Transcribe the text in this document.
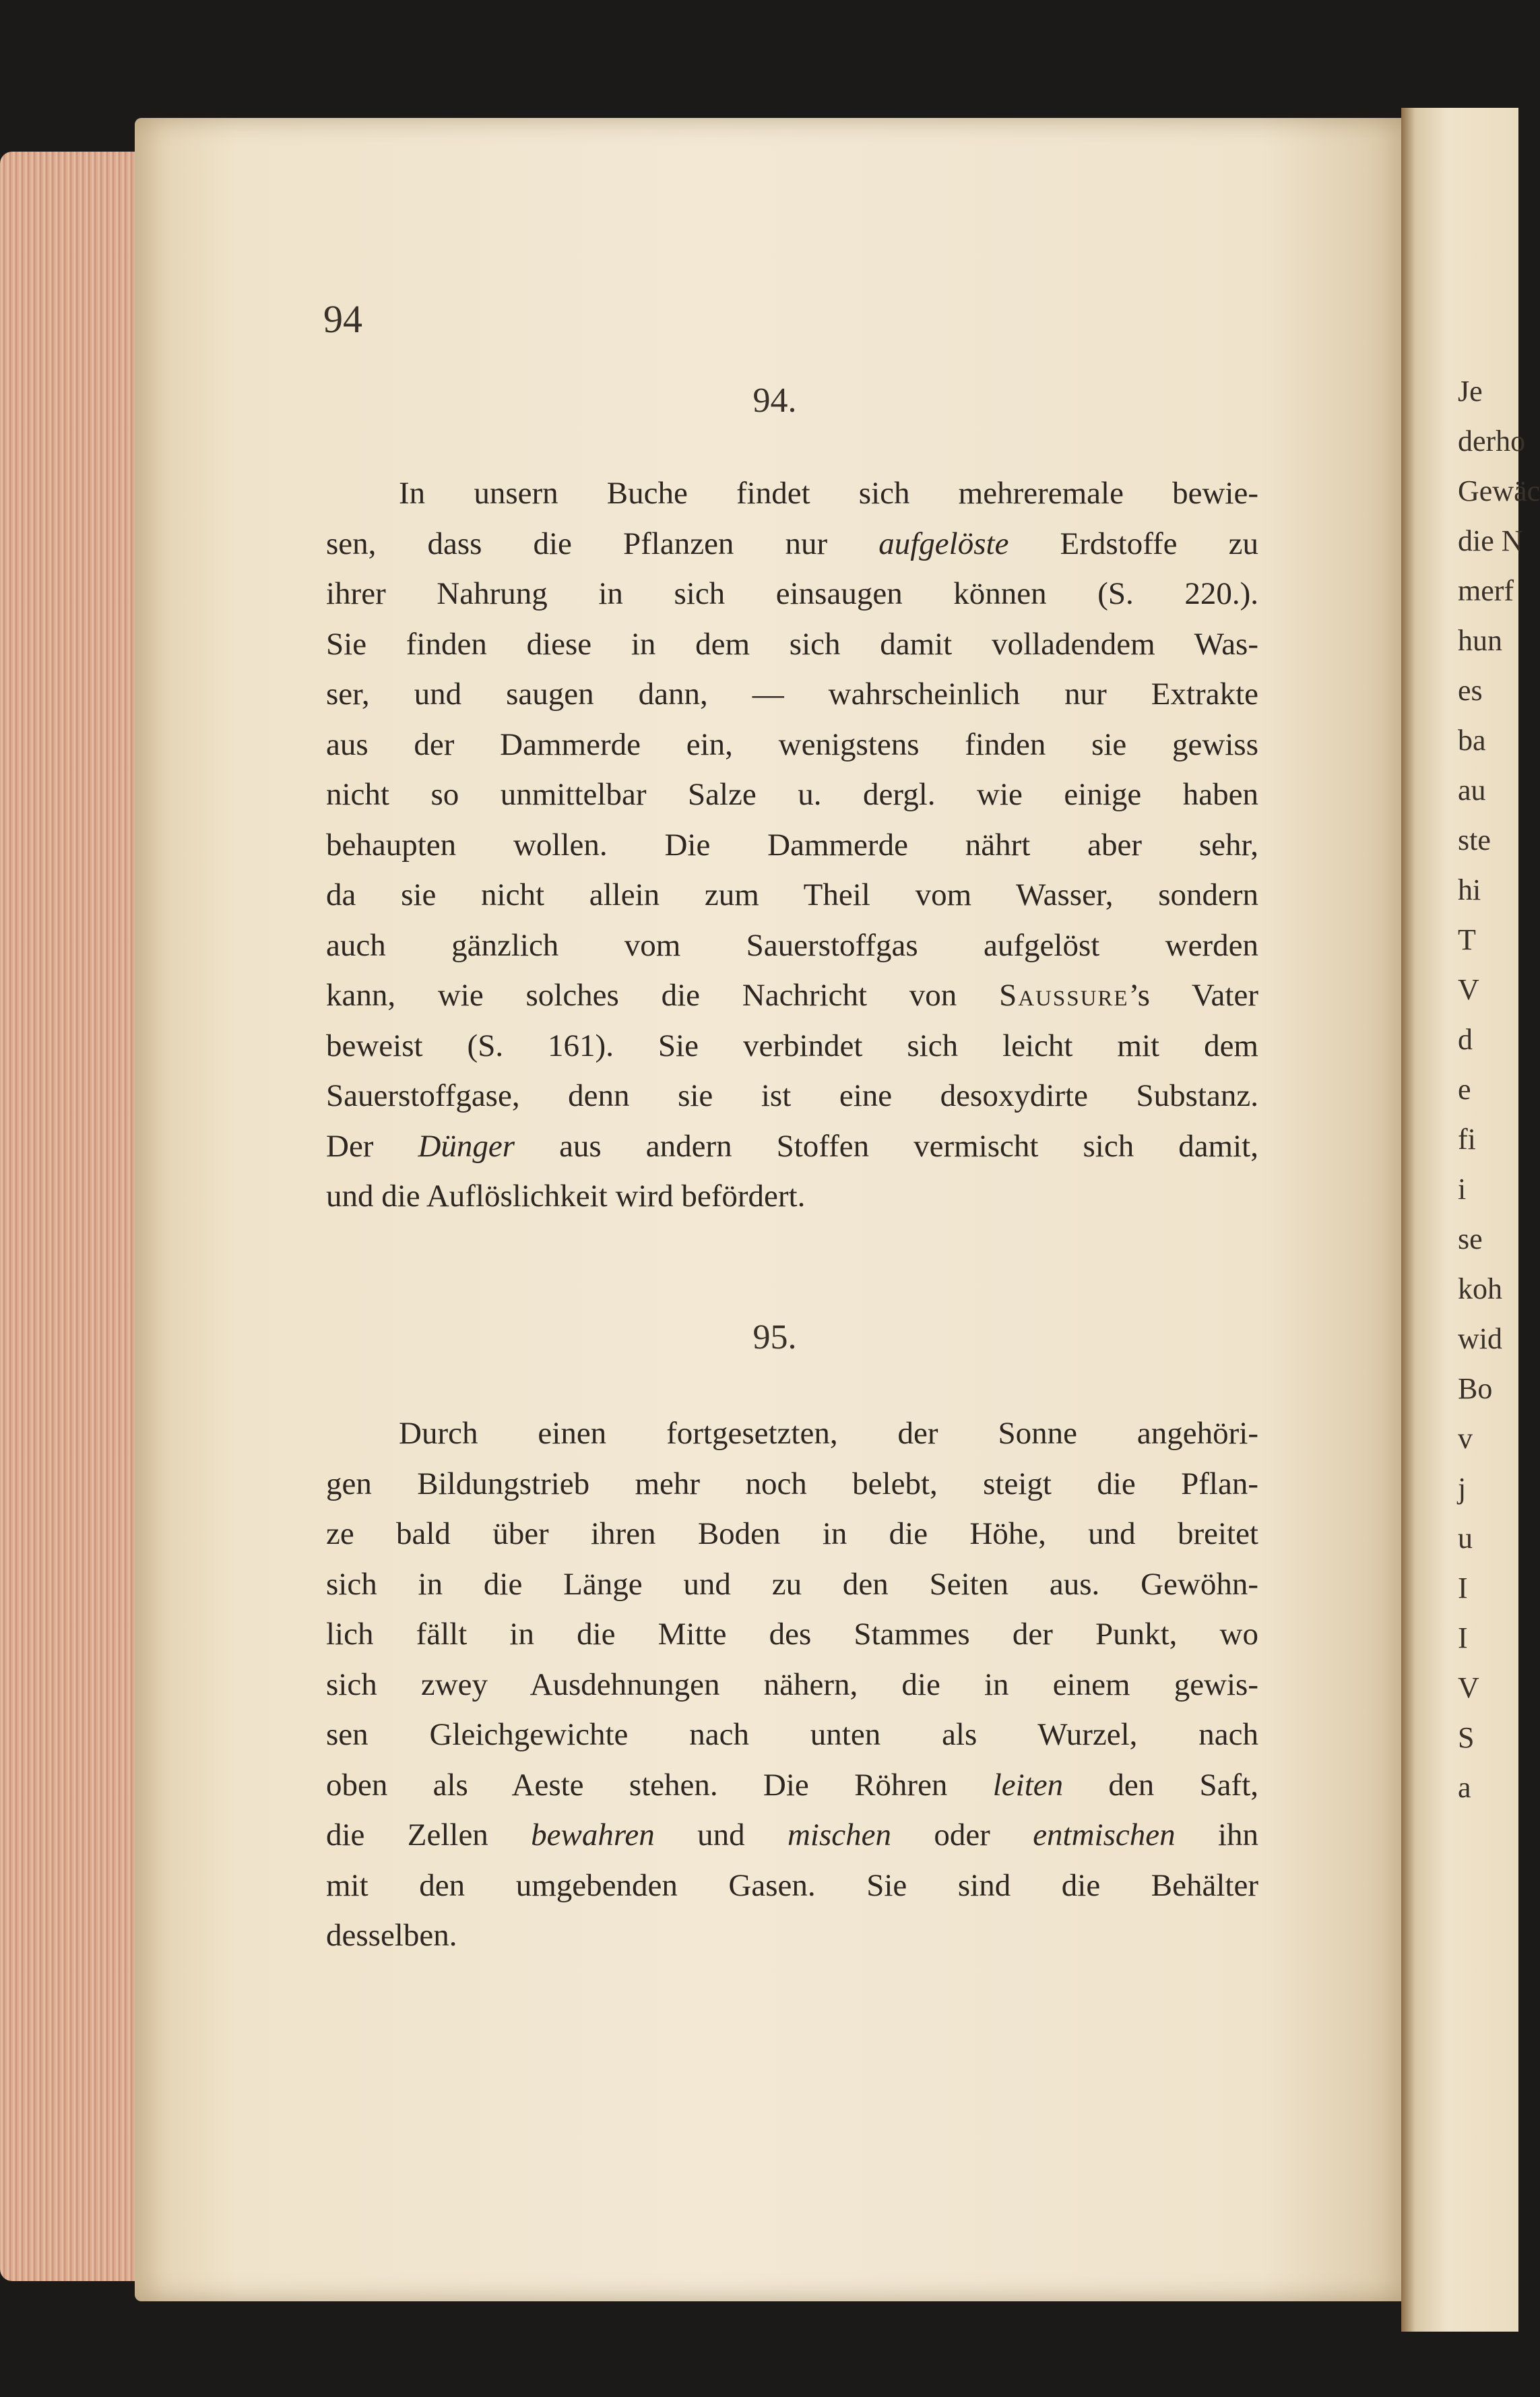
Je
derho
Gewäc
die N
merf
hun
es
ba
au
ste
hi
T
V
d
e
fi
i
se
koh
wid
Bo
v
j
u
I
I
V
S
a
94
94.
In unsern Buche findet sich mehreremale bewie-
sen, dass die Pflanzen nur aufgelöste Erdstoffe zu
ihrer Nahrung in sich einsaugen können (S. 220.).
Sie finden diese in dem sich damit volladendem Was-
ser, und saugen dann, — wahrscheinlich nur Extrakte
aus der Dammerde ein, wenigstens finden sie gewiss
nicht so unmittelbar Salze u. dergl. wie einige haben
behaupten wollen. Die Dammerde nährt aber sehr,
da sie nicht allein zum Theil vom Wasser, sondern
auch gänzlich vom Sauerstoffgas aufgelöst werden
kann, wie solches die Nachricht von Saussure’s Vater
beweist (S. 161). Sie verbindet sich leicht mit dem
Sauerstoffgase, denn sie ist eine desoxydirte Substanz.
Der Dünger aus andern Stoffen vermischt sich damit,
und die Auflöslichkeit wird befördert.
95.
Durch einen fortgesetzten, der Sonne angehöri-
gen Bildungstrieb mehr noch belebt, steigt die Pflan-
ze bald über ihren Boden in die Höhe, und breitet
sich in die Länge und zu den Seiten aus. Gewöhn-
lich fällt in die Mitte des Stammes der Punkt, wo
sich zwey Ausdehnungen nähern, die in einem gewis-
sen Gleichgewichte nach unten als Wurzel, nach
oben als Aeste stehen. Die Röhren leiten den Saft,
die Zellen bewahren und mischen oder entmischen ihn
mit den umgebenden Gasen. Sie sind die Behälter
desselben.
